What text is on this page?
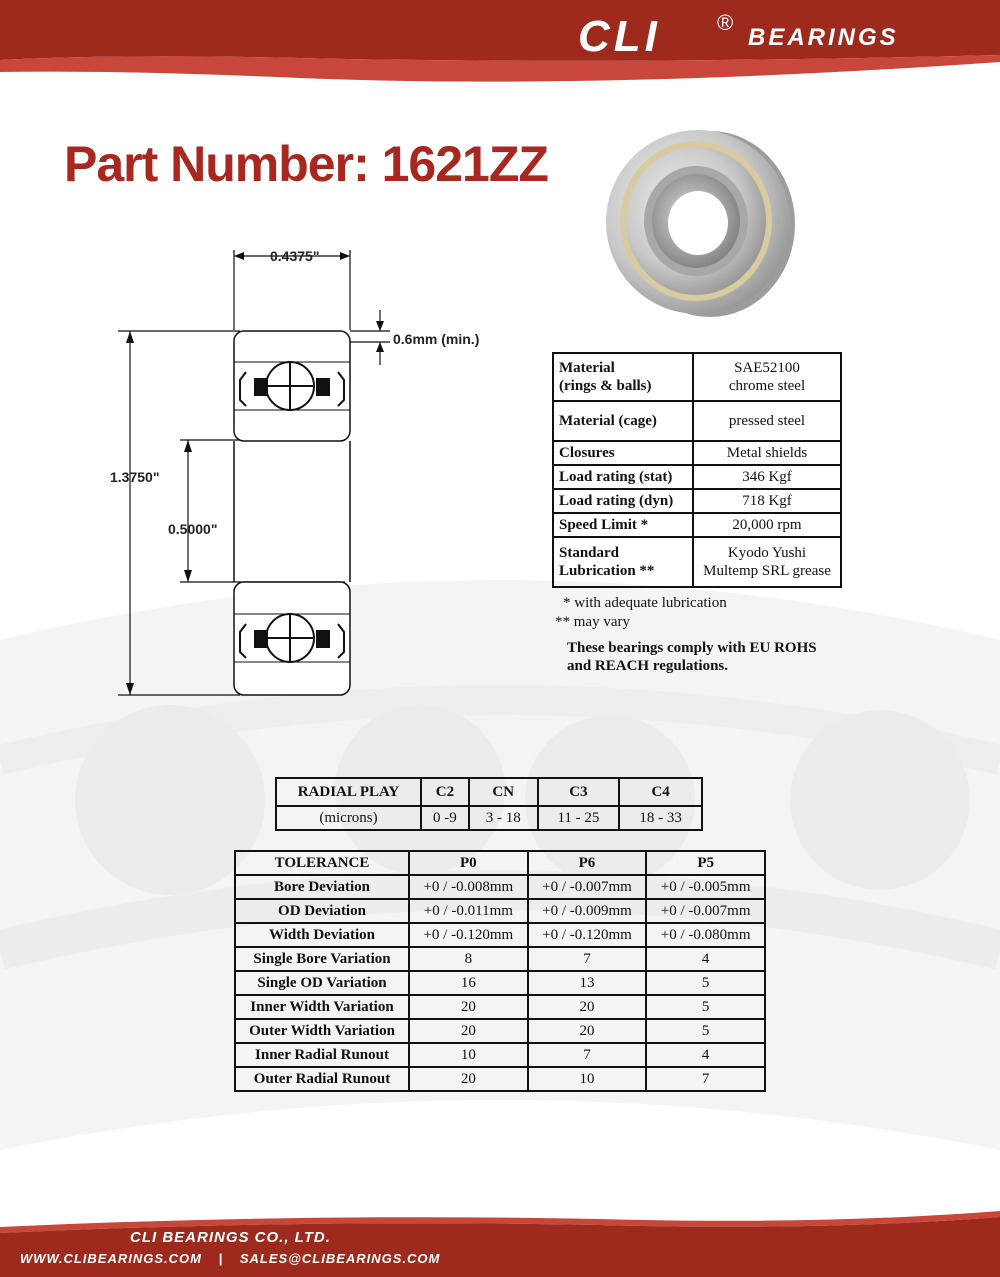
CLI	®
BEARINGS
Part Number: 1621ZZ
0.4375"
0.6mm (min.)
1.3750"
0.5000"
Material
(rings & balls)	SAE52100
chrome steel
Material (cage)	pressed steel
Closures	Metal shields
Load rating (stat)	346 Kgf
Load rating (dyn)	718 Kgf
Speed Limit *	20,000 rpm
Standard
Lubrication **	Kyodo Yushi
Multemp SRL grease
* with adequate lubrication
** may vary
These bearings comply with EU ROHS
and REACH regulations.
RADIAL PLAY	C2	CN	C3	C4
(microns)	0 -9	3 - 18	11 - 25	18 - 33
TOLERANCE	P0	P6	P5
Bore Deviation	+0 / -0.008mm	+0 / -0.007mm	+0 / -0.005mm
OD Deviation	+0 / -0.011mm	+0 / -0.009mm	+0 / -0.007mm
Width Deviation	+0 / -0.120mm	+0 / -0.120mm	+0 / -0.080mm
Single Bore Variation	8	7	4
Single OD Variation	16	13	5
Inner Width Variation	20	20	5
Outer Width Variation	20	20	5
Inner Radial Runout	10	7	4
Outer Radial Runout	20	10	7
CLI BEARINGS CO., LTD.
WWW.CLIBEARINGS.COM | SALES@CLIBEARINGS.COM
